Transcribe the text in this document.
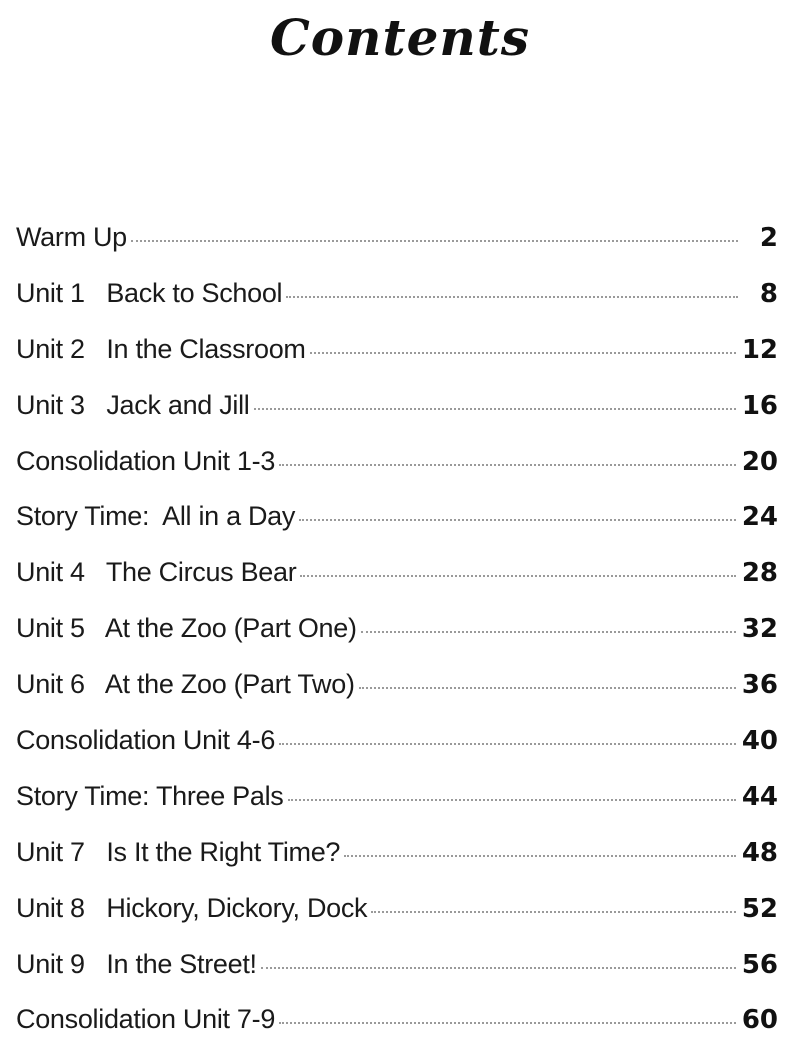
Contents
Warm Up	2
Unit 1   Back to School	8
Unit 2   In the Classroom	12
Unit 3   Jack and Jill	16
Consolidation Unit 1-3	20
Story Time:  All in a Day	24
Unit 4   The Circus Bear	28
Unit 5   At the Zoo (Part One)	32
Unit 6   At the Zoo (Part Two)	36
Consolidation Unit 4-6	40
Story Time: Three Pals	44
Unit 7   Is It the Right Time?	48
Unit 8   Hickory, Dickory, Dock	52
Unit 9   In the Street!	56
Consolidation Unit 7-9	60
